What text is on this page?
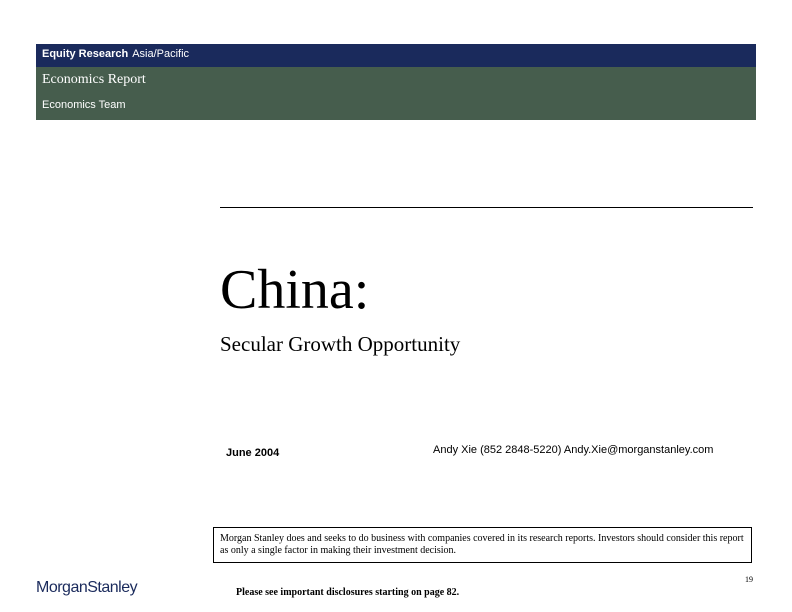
Equity Research Asia/Pacific
Economics Report
Economics Team
China:
Secular Growth Opportunity
June 2004	Andy Xie (852 2848-5220) Andy.Xie@morganstanley.com
Morgan Stanley does and seeks to do business with companies covered in its research reports. Investors should consider this report as only a single factor in making their investment decision.
19
Please see important disclosures starting on page 82.
MorganStanley
